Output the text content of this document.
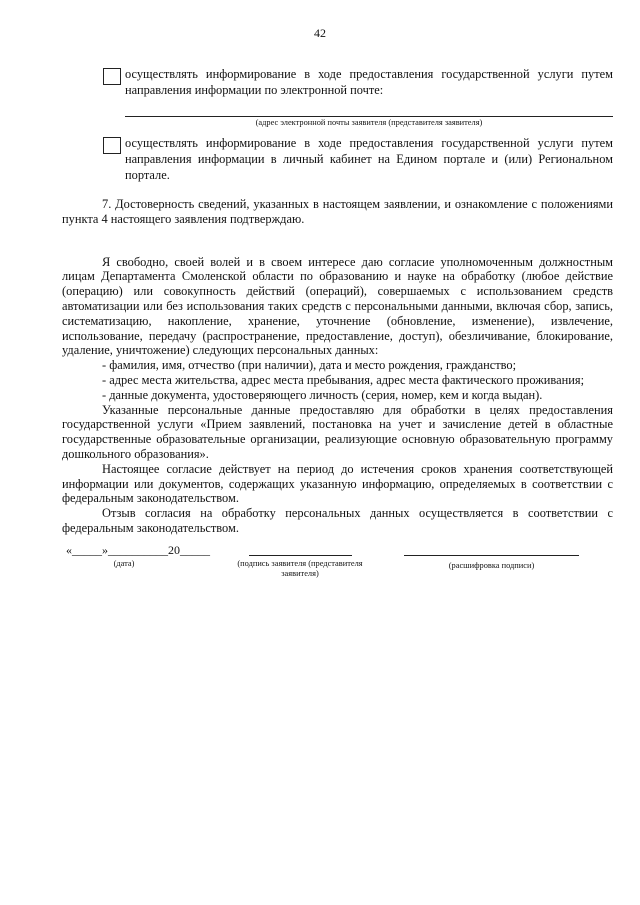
42
осуществлять информирование в ходе предоставления государственной услуги путем направления информации по электронной почте:
(адрес электронной почты заявителя (представителя заявителя)
осуществлять информирование в ходе предоставления государственной услуги путем направления информации в личный кабинет на Едином портале и (или) Региональном портале.

7. Достоверность сведений, указанных в настоящем заявлении, и ознакомление с положениями пункта 4 настоящего заявления подтверждаю.

Я свободно, своей волей и в своем интересе даю согласие уполномоченным должностным лицам Департамента Смоленской области по образованию и науке на обработку (любое действие (операцию) или совокупность действий (операций), совершаемых с использованием средств автоматизации или без использования таких средств с персональными данными, включая сбор, запись, систематизацию, накопление, хранение, уточнение (обновление, изменение), извлечение, использование, передачу (распространение, предоставление, доступ), обезличивание, блокирование, удаление, уничтожение) следующих персональных данных:

- фамилия, имя, отчество (при наличии), дата и место рождения, гражданство;

- адрес места жительства, адрес места пребывания, адрес места фактического проживания;

- данные документа, удостоверяющего личность (серия, номер, кем и когда выдан).

Указанные персональные данные предоставляю для обработки в целях предоставления государственной услуги «Прием заявлений, постановка на учет и зачисление детей в областные государственные образовательные организации, реализующие основную образовательную программу дошкольного образования».

Настоящее согласие действует на период до истечения сроков хранения соответствующей информации или документов, содержащих указанную информацию, определяемых в соответствии с федеральным законодательством.

Отзыв согласия на обработку персональных данных осуществляется в соответствии с федеральным законодательством.

«_____»__________20_____
(дата)	(подпись заявителя (представителя заявителя)
(расшифровка подписи)
